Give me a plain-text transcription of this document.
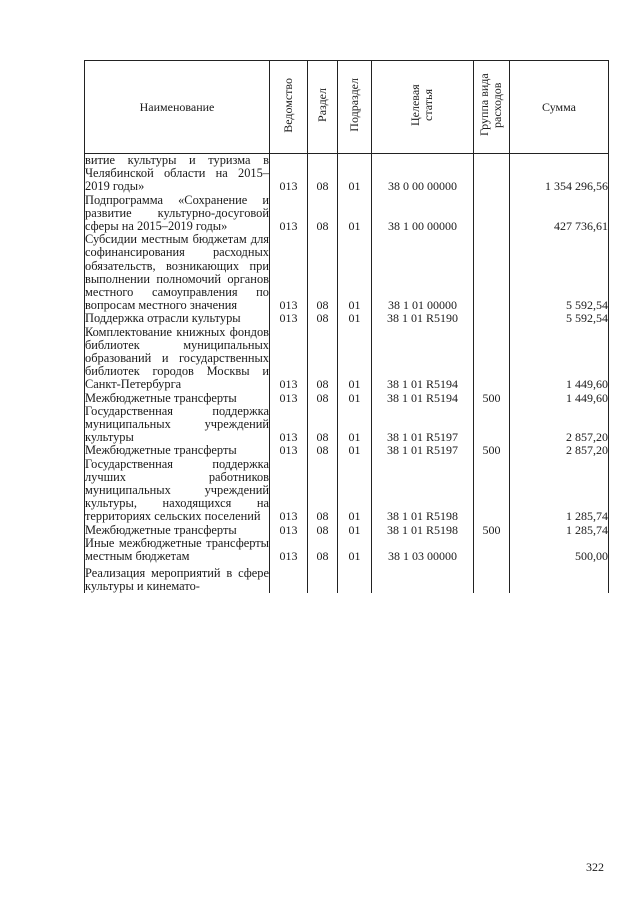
Наименование	Ведомство	Раздел	Подраздел	Целевая статья	Группа вида расходов	Сумма
витие культуры и туризма в Челябинской области на 2015–2019 годы»	013	08	01	38 0 00 00000		1 354 296,56
Подпрограмма «Сохранение и развитие культурно-досуговой сферы на 2015–2019 годы»	013	08	01	38 1 00 00000		427 736,61
Субсидии местным бюджетам для софинансирования расходных обязательств, возникающих при выполнении полномочий органов местного самоуправления по вопросам местного значения	013	08	01	38 1 01 00000		5 592,54
Поддержка отрасли культуры	013	08	01	38 1 01 R5190		5 592,54
Комплектование книжных фондов библиотек муниципальных образований и государственных библиотек городов Москвы и Санкт-Петербурга	013	08	01	38 1 01 R5194		1 449,60
Межбюджетные трансферты	013	08	01	38 1 01 R5194	500	1 449,60
Государственная поддержка муниципальных учреждений культуры	013	08	01	38 1 01 R5197		2 857,20
Межбюджетные трансферты	013	08	01	38 1 01 R5197	500	2 857,20
Государственная поддержка лучших работников муниципальных учреждений культуры, находящихся на территориях сельских поселений	013	08	01	38 1 01 R5198		1 285,74
Межбюджетные трансферты	013	08	01	38 1 01 R5198	500	1 285,74
Иные межбюджетные трансферты местным бюджетам	013	08	01	38 1 03 00000		500,00
Реализация мероприятий в сфере культуры и кинемато-						
322
